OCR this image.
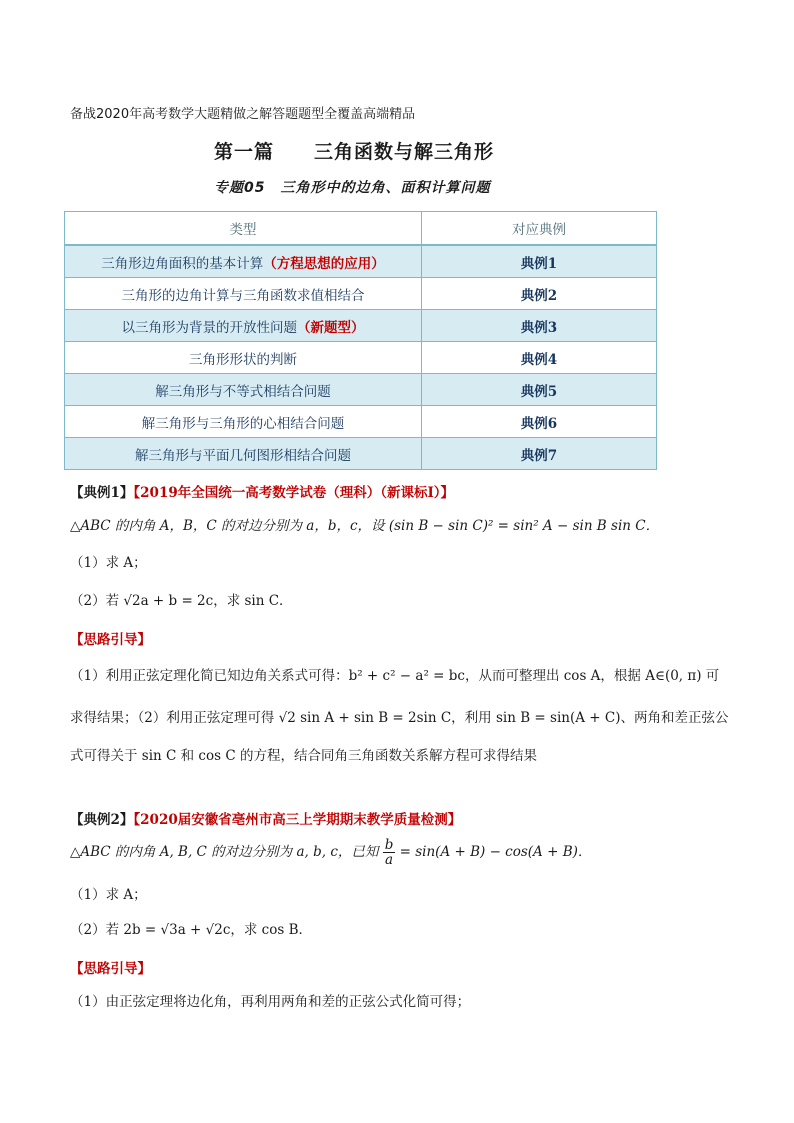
备战2020年高考数学大题精做之解答题题型全覆盖高端精品
第一篇 三角函数与解三角形
专题05　三角形中的边角、面积计算问题
类型	对应典例
三角形边角面积的基本计算（方程思想的应用）	典例1
三角形的边角计算与三角函数求值相结合	典例2
以三角形为背景的开放性问题（新题型）	典例3
三角形形状的判断	典例4
解三角形与不等式相结合问题	典例5
解三角形与三角形的心相结合问题	典例6
解三角形与平面几何图形相结合问题	典例7
【典例1】【2019年全国统一高考数学试卷（理科）（新课标Ⅰ）】
△ABC 的内角 A，B，C 的对边分别为 a，b，c，设 (sin B − sin C)² = sin² A − sin B sin C．
（1）求 A；
（2）若 √2a + b = 2c，求 sin C．
【思路引导】
（1）利用正弦定理化简已知边角关系式可得：b² + c² − a² = bc，从而可整理出 cos A，根据 A∈(0, π) 可
求得结果；（2）利用正弦定理可得 √2 sin A + sin B = 2sin C，利用 sin B = sin(A + C)、两角和差正弦公
式可得关于 sin C 和 cos C 的方程，结合同角三角函数关系解方程可求得结果
【典例2】【2020届安徽省亳州市高三上学期期末教学质量检测】
△ABC 的内角 A, B, C 的对边分别为 a, b, c，已知 $\frac{b}{a} = \sin(A + B) - \cos(A + B)$．
（1）求 A；
（2）若 2b = √3a + √2c，求 cos B．
【思路引导】
（1）由正弦定理将边化角，再利用两角和差的正弦公式化简可得；
